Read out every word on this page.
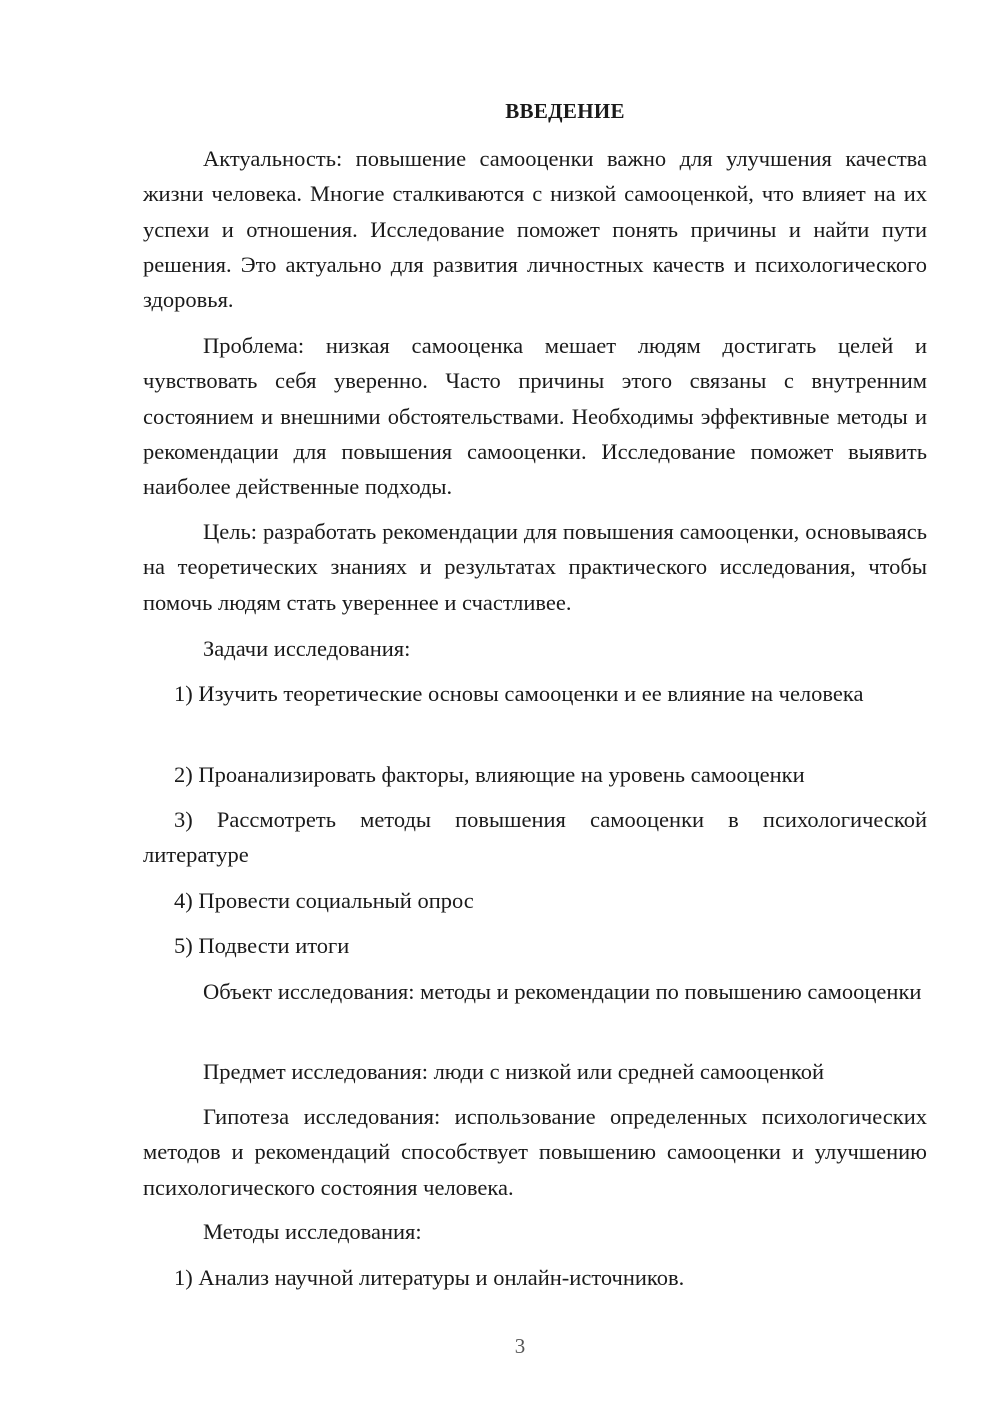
ВВЕДЕНИЕ

Актуальность: повышение самооценки важно для улучшения качества жизни человека. Многие сталкиваются с низкой самооценкой, что влияет на их успехи и отношения. Исследование поможет понять причины и найти пути решения. Это актуально для развития личностных качеств и психологического здоровья.

Проблема: низкая самооценка мешает людям достигать целей и чувствовать себя уверенно. Часто причины этого связаны с внутренним состоянием и внешними обстоятельствами. Необходимы эффективные методы и рекомендации для повышения самооценки. Исследование поможет выявить наиболее действенные подходы.

Цель: разработать рекомендации для повышения самооценки, основываясь на теоретических знаниях и результатах практического исследования, чтобы помочь людям стать увереннее и счастливее.

Задачи исследования:

1) Изучить теоретические основы самооценки и ее влияние на человека

2) Проанализировать факторы, влияющие на уровень самооценки

3) Рассмотреть методы повышения самооценки в психологической литературе

4) Провести социальный опрос

5) Подвести итоги

Объект исследования: методы и рекомендации по повышению самооценки

Предмет исследования: люди с низкой или средней самооценкой

Гипотеза исследования: использование определенных психологических методов и рекомендаций способствует повышению самооценки и улучшению психологического состояния человека.

Методы исследования:

1) Анализ научной литературы и онлайн-источников.

3
